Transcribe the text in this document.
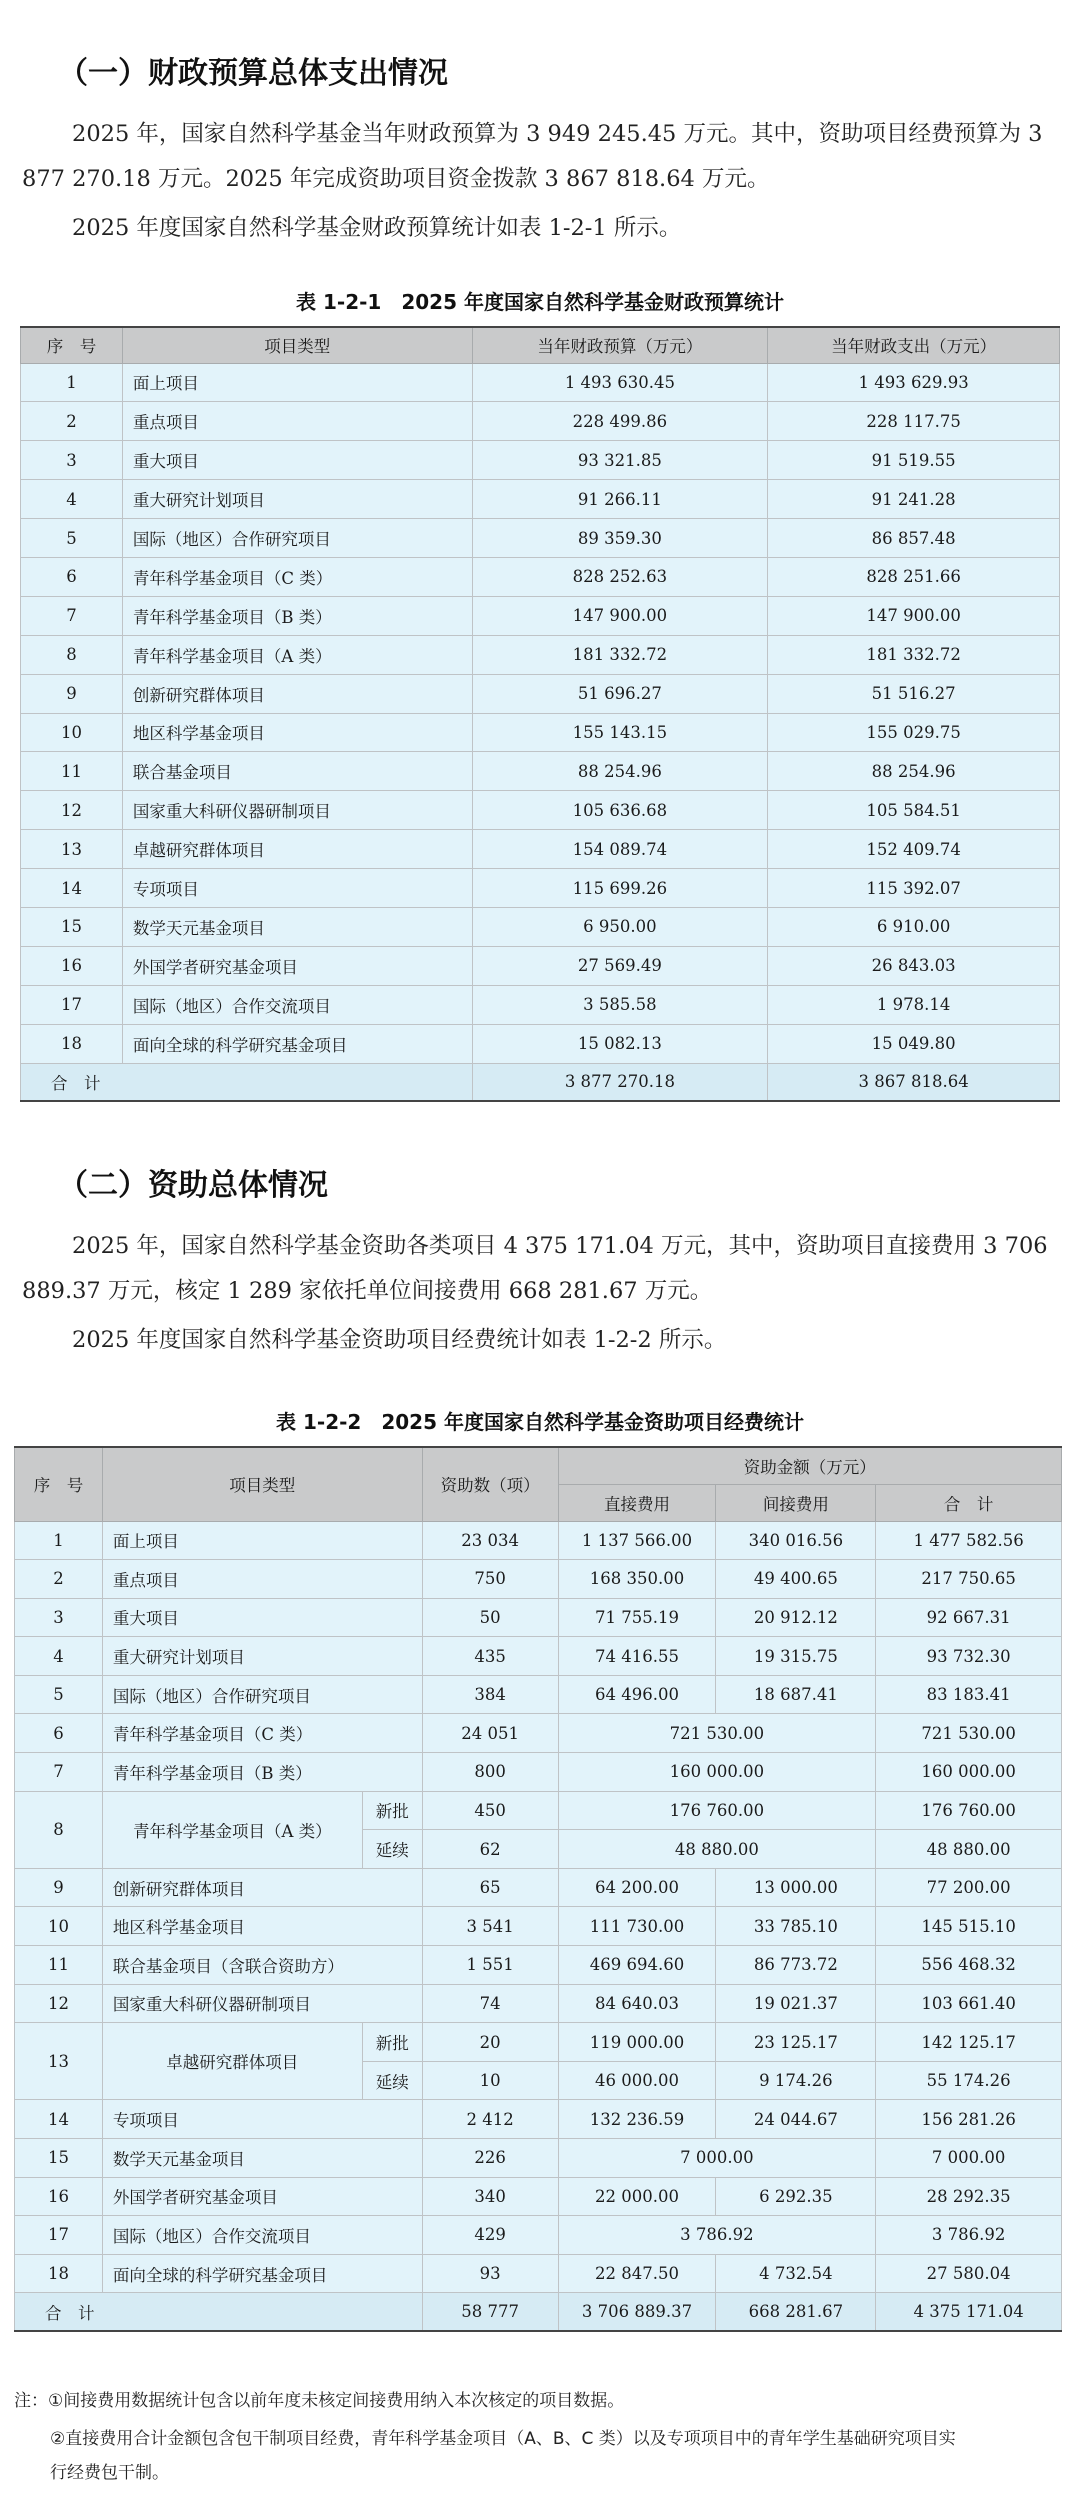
（一）财政预算总体支出情况

2025 年，国家自然科学基金当年财政预算为 3 949 245.45 万元。其中，资助项目经费预算为 3 877 270.18 万元。2025 年完成资助项目资金拨款 3 867 818.64 万元。

2025 年度国家自然科学基金财政预算统计如表 1-2-1 所示。

表 1-2-1　2025 年度国家自然科学基金财政预算统计
序　号	项目类型	当年财政预算（万元）	当年财政支出（万元）
1	面上项目	1 493 630.45	1 493 629.93
2	重点项目	228 499.86	228 117.75
3	重大项目	93 321.85	91 519.55
4	重大研究计划项目	91 266.11	91 241.28
5	国际（地区）合作研究项目	89 359.30	86 857.48
6	青年科学基金项目（C 类）	828 252.63	828 251.66
7	青年科学基金项目（B 类）	147 900.00	147 900.00
8	青年科学基金项目（A 类）	181 332.72	181 332.72
9	创新研究群体项目	51 696.27	51 516.27
10	地区科学基金项目	155 143.15	155 029.75
11	联合基金项目	88 254.96	88 254.96
12	国家重大科研仪器研制项目	105 636.68	105 584.51
13	卓越研究群体项目	154 089.74	152 409.74
14	专项项目	115 699.26	115 392.07
15	数学天元基金项目	6 950.00	6 910.00
16	外国学者研究基金项目	27 569.49	26 843.03
17	国际（地区）合作交流项目	3 585.58	1 978.14
18	面向全球的科学研究基金项目	15 082.13	15 049.80
合　计		3 877 270.18	3 867 818.64
（二）资助总体情况

2025 年，国家自然科学基金资助各类项目 4 375 171.04 万元，其中，资助项目直接费用 3 706 889.37 万元，核定 1 289 家依托单位间接费用 668 281.67 万元。

2025 年度国家自然科学基金资助项目经费统计如表 1-2-2 所示。

表 1-2-2　2025 年度国家自然科学基金资助项目经费统计
序　号	项目类型		资助数（项）	资助金额（万元）		
				直接费用	间接费用	合　计
1	面上项目		23 034	1 137 566.00	340 016.56	1 477 582.56
2	重点项目		750	168 350.00	49 400.65	217 750.65
3	重大项目		50	71 755.19	20 912.12	92 667.31
4	重大研究计划项目		435	74 416.55	19 315.75	93 732.30
5	国际（地区）合作研究项目		384	64 496.00	18 687.41	83 183.41
6	青年科学基金项目（C 类）		24 051	721 530.00		721 530.00
7	青年科学基金项目（B 类）		800	160 000.00		160 000.00
8	青年科学基金项目（A 类）	新批	450	176 760.00		176 760.00
		延续	62	48 880.00		48 880.00
9	创新研究群体项目		65	64 200.00	13 000.00	77 200.00
10	地区科学基金项目		3 541	111 730.00	33 785.10	145 515.10
11	联合基金项目（含联合资助方）		1 551	469 694.60	86 773.72	556 468.32
12	国家重大科研仪器研制项目		74	84 640.03	19 021.37	103 661.40
13	卓越研究群体项目	新批	20	119 000.00	23 125.17	142 125.17
		延续	10	46 000.00	9 174.26	55 174.26
14	专项项目		2 412	132 236.59	24 044.67	156 281.26
15	数学天元基金项目		226	7 000.00		7 000.00
16	外国学者研究基金项目		340	22 000.00	6 292.35	28 292.35
17	国际（地区）合作交流项目		429	3 786.92		3 786.92
18	面向全球的科学研究基金项目		93	22 847.50	4 732.54	27 580.04
合　计			58 777	3 706 889.37	668 281.67	4 375 171.04

注：①间接费用数据统计包含以前年度未核定间接费用纳入本次核定的项目数据。

②直接费用合计金额包含包干制项目经费，青年科学基金项目（A、B、C 类）以及专项项目中的青年学生基础研究项目实

行经费包干制。
